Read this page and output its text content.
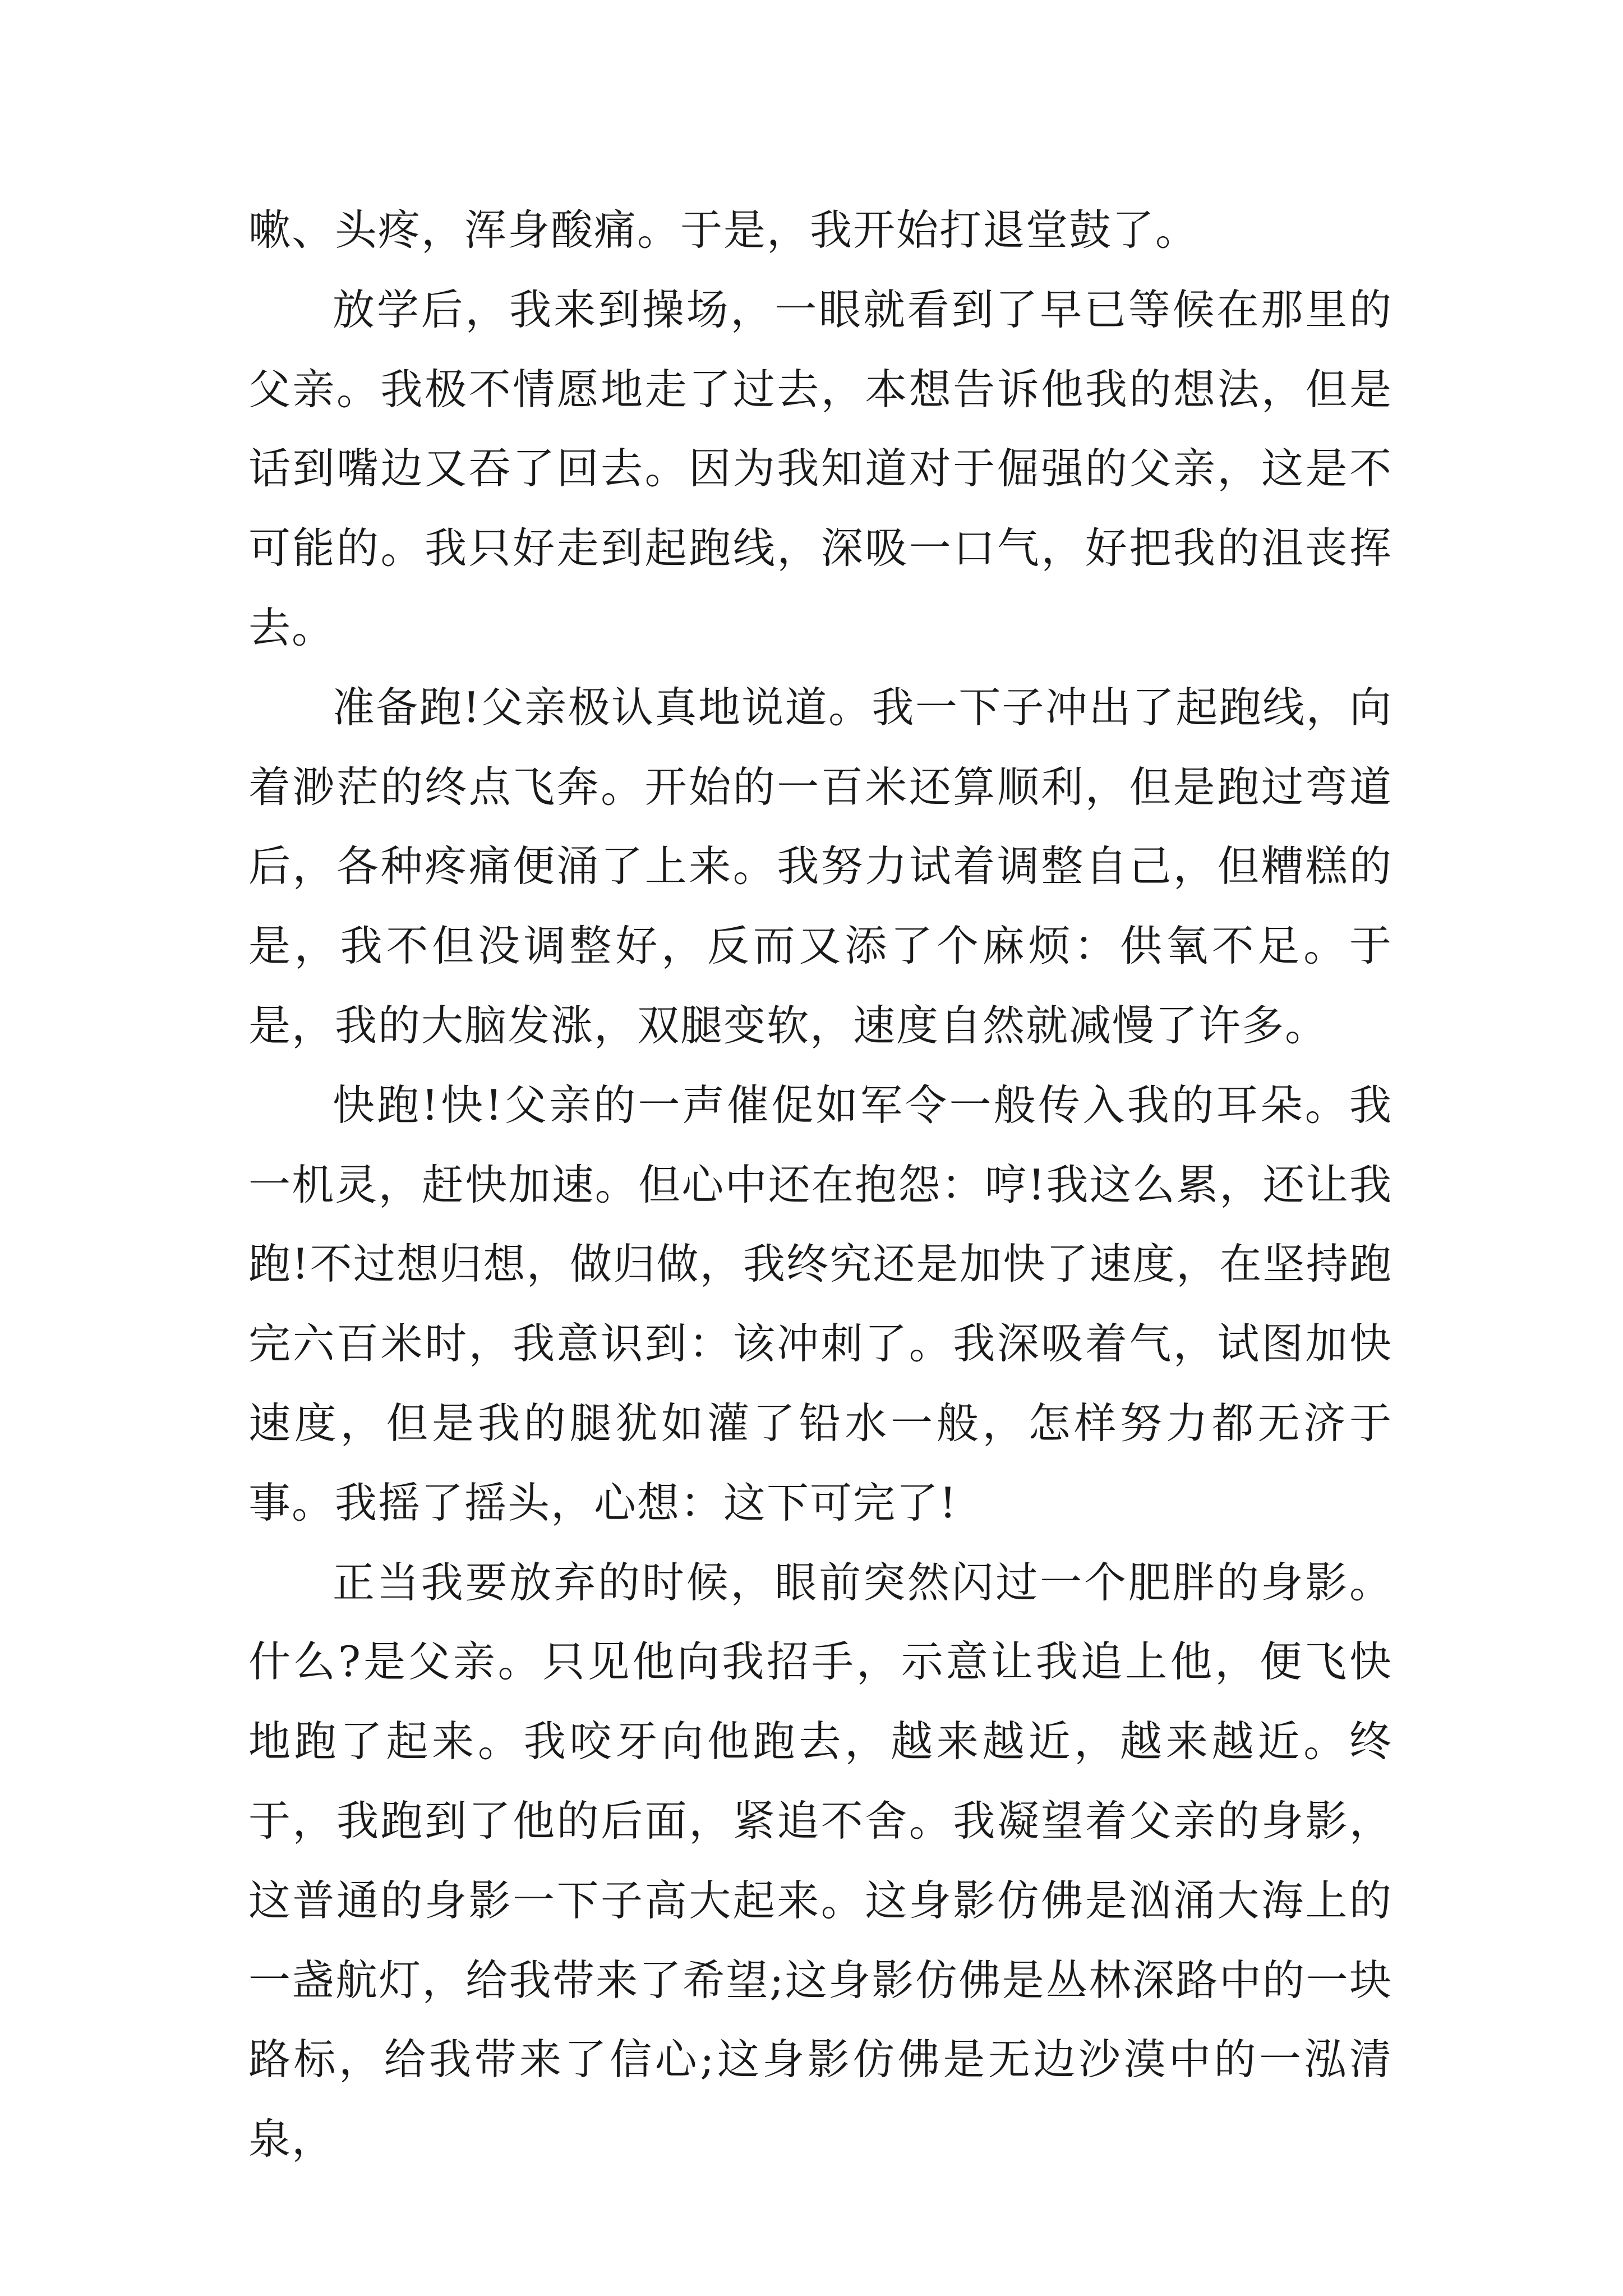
嗽、头疼，浑身酸痛。于是，我开始打退堂鼓了。

放学后，我来到操场，一眼就看到了早已等候在那里的父亲。我极不情愿地走了过去，本想告诉他我的想法，但是话到嘴边又吞了回去。因为我知道对于倔强的父亲，这是不可能的。我只好走到起跑线，深吸一口气，好把我的沮丧挥去。

准备跑!父亲极认真地说道。我一下子冲出了起跑线，向着渺茫的终点飞奔。开始的一百米还算顺利，但是跑过弯道后，各种疼痛便涌了上来。我努力试着调整自己，但糟糕的是，我不但没调整好，反而又添了个麻烦：供氧不足。于是，我的大脑发涨，双腿变软，速度自然就减慢了许多。

快跑!快!父亲的一声催促如军令一般传入我的耳朵。我一机灵，赶快加速。但心中还在抱怨：哼!我这么累，还让我跑!不过想归想，做归做，我终究还是加快了速度，在坚持跑完六百米时，我意识到：该冲刺了。我深吸着气，试图加快速度，但是我的腿犹如灌了铅水一般，怎样努力都无济于事。我摇了摇头，心想：这下可完了!

正当我要放弃的时候，眼前突然闪过一个肥胖的身影。什么?是父亲。只见他向我招手，示意让我追上他，便飞快地跑了起来。我咬牙向他跑去，越来越近，越来越近。终于，我跑到了他的后面，紧追不舍。我凝望着父亲的身影，这普通的身影一下子高大起来。这身影仿佛是汹涌大海上的一盏航灯，给我带来了希望;这身影仿佛是丛林深路中的一块路标，给我带来了信心;这身影仿佛是无边沙漠中的一泓清泉，
